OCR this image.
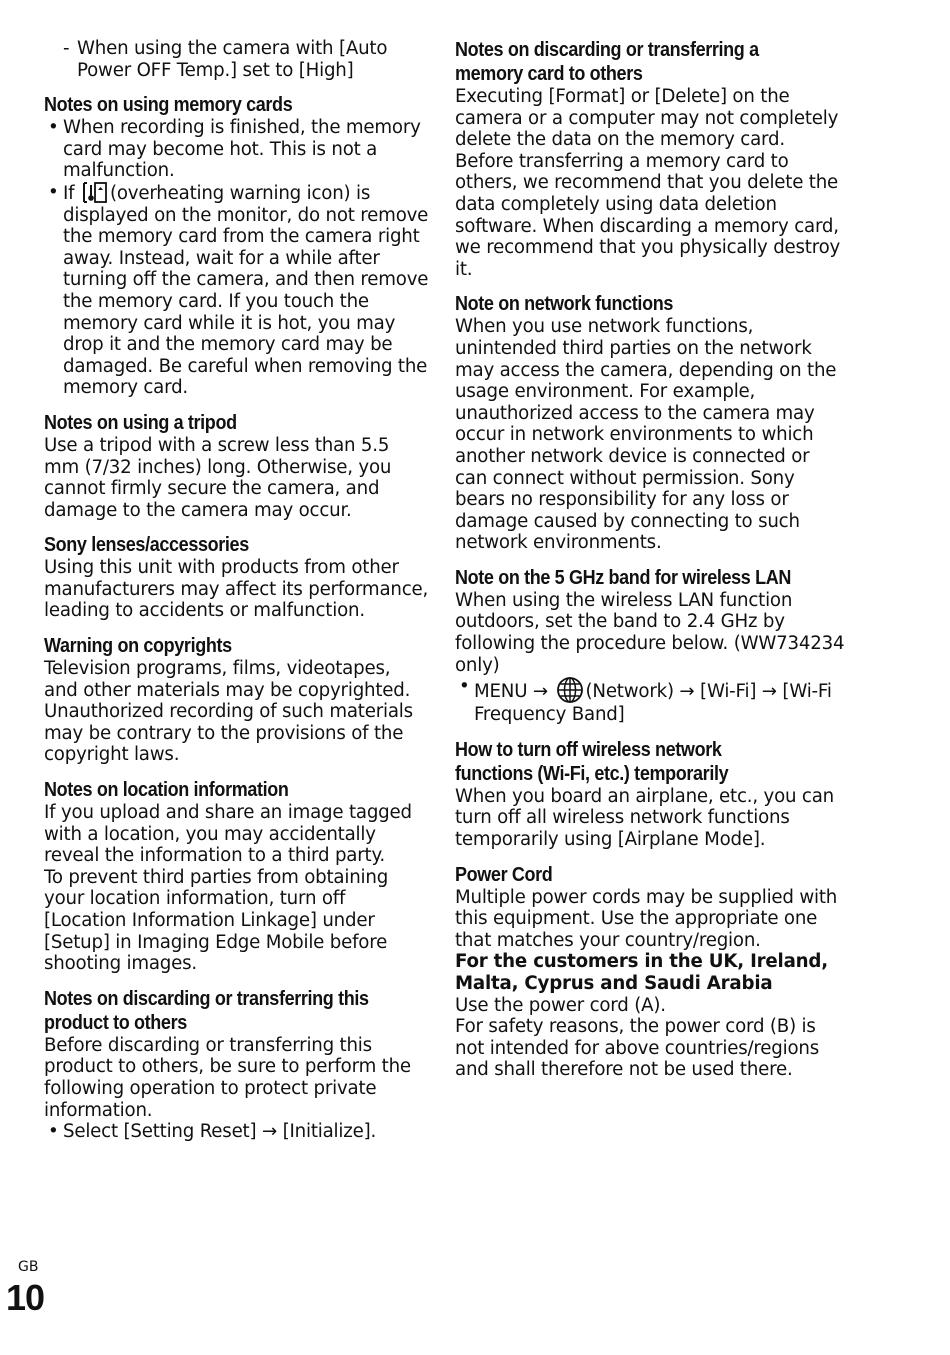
- When using the camera with [Auto Power OFF Temp.] set to [High]
Notes on using memory cards
• When recording is finished, the memory card may become hot. This is not a malfunction.
• If (overheating warning icon) is displayed on the monitor, do not remove the memory card from the camera right away. Instead, wait for a while after turning off the camera, and then remove the memory card. If you touch the memory card while it is hot, you may drop it and the memory card may be damaged. Be careful when removing the memory card.
Notes on using a tripod
Use a tripod with a screw less than 5.5 mm (7/32 inches) long. Otherwise, you cannot firmly secure the camera, and damage to the camera may occur.
Sony lenses/accessories
Using this unit with products from other manufacturers may affect its performance, leading to accidents or malfunction.
Warning on copyrights
Television programs, films, videotapes, and other materials may be copyrighted. Unauthorized recording of such materials may be contrary to the provisions of the copyright laws.
Notes on location information
If you upload and share an image tagged with a location, you may accidentally reveal the information to a third party.
To prevent third parties from obtaining your location information, turn off [Location Information Linkage] under [Setup] in Imaging Edge Mobile before shooting images.
Notes on discarding or transferring this
product to others
Before discarding or transferring this product to others, be sure to perform the following operation to protect private information.
• Select [Setting Reset] → [Initialize].
Notes on discarding or transferring a
memory card to others
Executing [Format] or [Delete] on the camera or a computer may not completely delete the data on the memory card. Before transferring a memory card to others, we recommend that you delete the data completely using data deletion software. When discarding a memory card, we recommend that you physically destroy it.
Note on network functions
When you use network functions, unintended third parties on the network may access the camera, depending on the usage environment. For example, unauthorized access to the camera may occur in network environments to which another network device is connected or can connect without permission. Sony bears no responsibility for any loss or damage caused by connecting to such network environments.
Note on the 5 GHz band for wireless LAN
When using the wireless LAN function outdoors, set the band to 2.4 GHz by following the procedure below. (WW734234 only)
• MENU → (Network) → [Wi-Fi] → [Wi-Fi Frequency Band]
How to turn off wireless network
functions (Wi-Fi, etc.) temporarily
When you board an airplane, etc., you can turn off all wireless network functions temporarily using [Airplane Mode].
Power Cord
Multiple power cords may be supplied with this equipment. Use the appropriate one that matches your country/region.
For the customers in the UK, Ireland, Malta, Cyprus and Saudi Arabia
Use the power cord (A).
For safety reasons, the power cord (B) is not intended for above countries/regions and shall therefore not be used there.
GB
10
